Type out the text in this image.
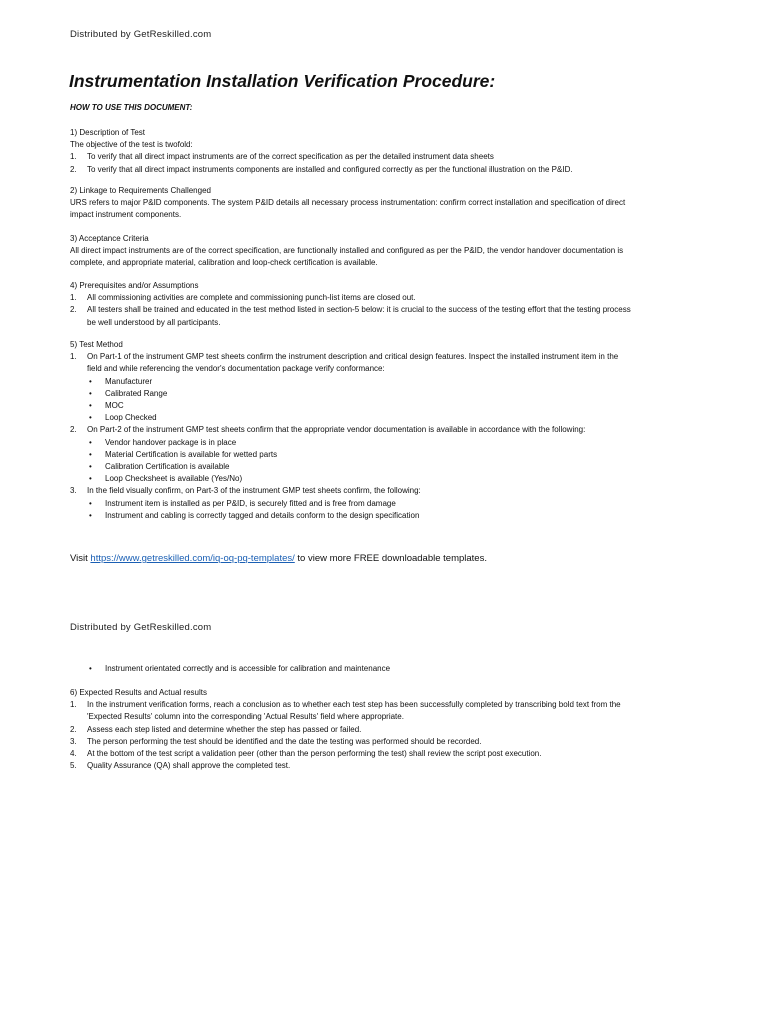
Distributed by GetReskilled.com
Instrumentation Installation Verification Procedure:
HOW TO USE THIS DOCUMENT:
1) Description of Test
The objective of the test is twofold:
1. To verify that all direct impact instruments are of the correct specification as per the detailed instrument data sheets
2. To verify that all direct impact instruments components are installed and configured correctly as per the functional illustration on the P&ID.
2) Linkage to Requirements Challenged
URS refers to major P&ID components. The system P&ID details all necessary process instrumentation: confirm correct installation and specification of direct
impact instrument components.
3) Acceptance Criteria
All direct impact instruments are of the correct specification, are functionally installed and configured as per the P&ID, the vendor handover documentation is
complete, and appropriate material, calibration and loop-check certification is available.
4) Prerequisites and/or Assumptions
1. All commissioning activities are complete and commissioning punch-list items are closed out.
2. All testers shall be trained and educated in the test method listed in section-5 below: it is crucial to the success of the testing effort that the testing process
be well understood by all participants.
5) Test Method
1. On Part-1 of the instrument GMP test sheets confirm the instrument description and critical design features. Inspect the installed instrument item in the
field and while referencing the vendor's documentation package verify conformance:
• Manufacturer
• Calibrated Range
• MOC
• Loop Checked
2. On Part-2 of the instrument GMP test sheets confirm that the appropriate vendor documentation is available in accordance with the following:
• Vendor handover package is in place
• Material Certification is available for wetted parts
• Calibration Certification is available
• Loop Checksheet is available (Yes/No)
3. In the field visually confirm, on Part-3 of the instrument GMP test sheets confirm, the following:
• Instrument item is installed as per P&ID, is securely fitted and is free from damage
• Instrument and cabling is correctly tagged and details conform to the design specification
Visit https://www.getreskilled.com/iq-oq-pq-templates/ to view more FREE downloadable templates.
Distributed by GetReskilled.com
• Instrument orientated correctly and is accessible for calibration and maintenance
6) Expected Results and Actual results
1. In the instrument verification forms, reach a conclusion as to whether each test step has been successfully completed by transcribing bold text from the
'Expected Results' column into the corresponding 'Actual Results' field where appropriate.
2. Assess each step listed and determine whether the step has passed or failed.
3. The person performing the test should be identified and the date the testing was performed should be recorded.
4. At the bottom of the test script a validation peer (other than the person performing the test) shall review the script post execution.
5. Quality Assurance (QA) shall approve the completed test.
